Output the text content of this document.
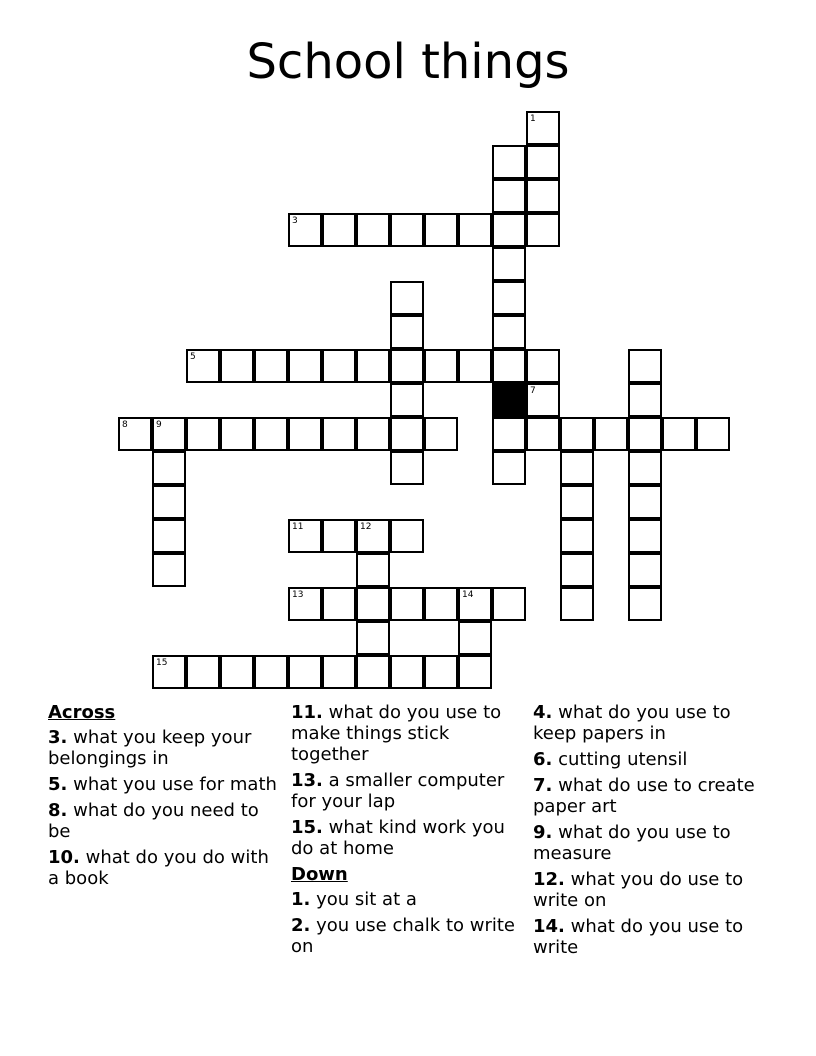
School things
1
3
5
7
8	9
11	12
13	14
15
Across
3. what you keep your belongings in
5. what you use for math
8. what do you need to be
10. what do you do with a book
11. what do you use to make things stick together
13. a smaller computer for your lap
15. what kind work you do at home
Down
1. you sit at a
2. you use chalk to write on
4. what do you use to keep papers in
6. cutting utensil
7. what do use to create paper art
9. what do you use to measure
12. what you do use to write on
14. what do you use to write
